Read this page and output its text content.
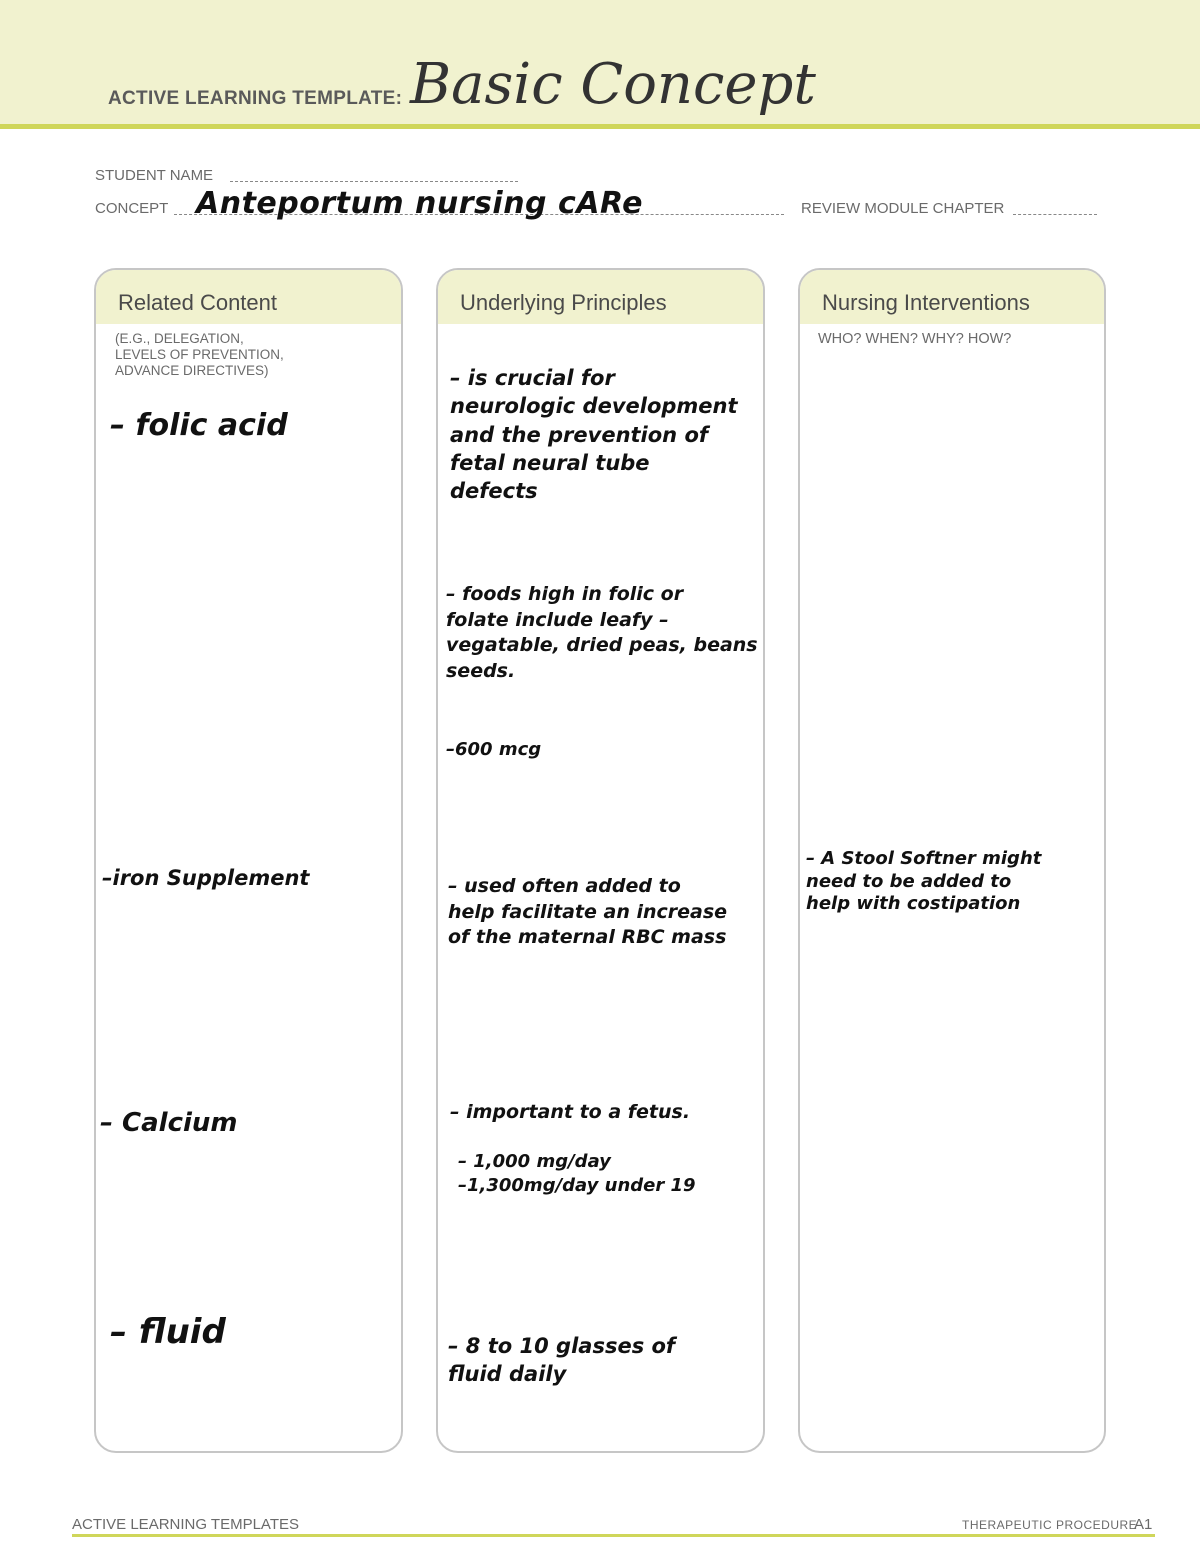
ACTIVE LEARNING TEMPLATE: Basic Concept
STUDENT NAME
CONCEPT Anteportum nursing cARe	REVIEW MODULE CHAPTER
Related Content
(E.G., DELEGATION,
LEVELS OF PREVENTION,
ADVANCE DIRECTIVES)
– folic acid
–iron Supplement
– Calcium
– fluid
Underlying Principles
– is crucial for
neurologic development
and the prevention of
fetal neural tube
defects
– foods high in folic or
folate include leafy –
vegatable, dried peas, beans
seeds.
–600 mcg
– used often added to
help facilitate an increase
of the maternal RBC mass
– important to a fetus.
– 1,000 mg/day
–1,300mg/day under 19
– 8 to 10 glasses of
fluid daily
Nursing Interventions
WHO? WHEN? WHY? HOW?
– A Stool Softner might
need to be added to
help with costipation
ACTIVE LEARNING TEMPLATES	THERAPEUTIC PROCEDURE
A1
